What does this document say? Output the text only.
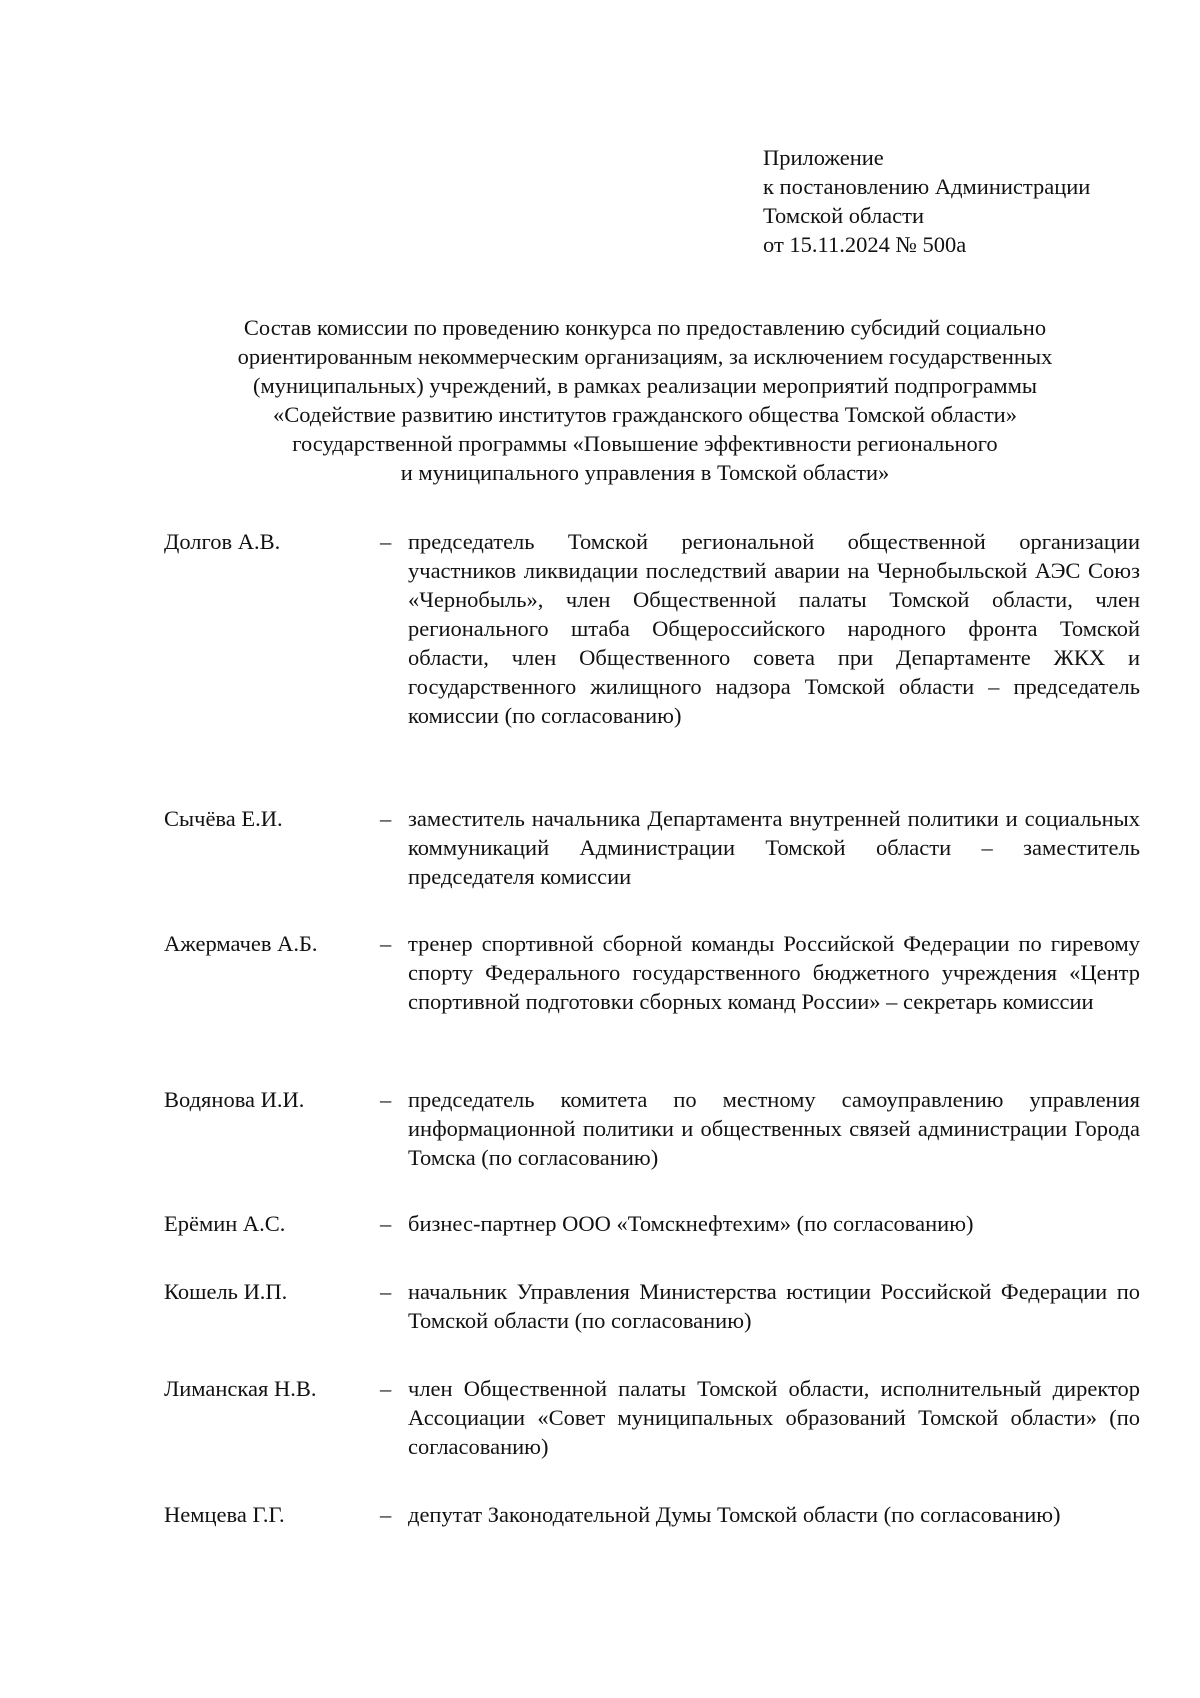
Приложение
к постановлению Администрации
Томской области
от 15.11.2024 № 500а
Состав комиссии по проведению конкурса по предоставлению субсидий социально
ориентированным некоммерческим организациям, за исключением государственных
(муниципальных) учреждений, в рамках реализации мероприятий подпрограммы
«Содействие развитию институтов гражданского общества Томской области»
государственной программы «Повышение эффективности регионального
и муниципального управления в Томской области»
Долгов А.В.	– председатель Томской региональной общественной организации участников ликвидации последствий аварии на Чернобыльской АЭС Союз «Чернобыль», член Общественной палаты Томской области, член регионального штаба Общероссийского народного фронта Томской области, член Общественного совета при Департаменте ЖКХ и государственного жилищного надзора Томской области – председатель комиссии (по согласованию)
Сычёва Е.И.	– заместитель начальника Департамента внутренней политики и социальных коммуникаций Администрации Томской области – заместитель председателя комиссии
Ажермачев А.Б.	– тренер спортивной сборной команды Российской Федерации по гиревому спорту Федерального государственного бюджетного учреждения «Центр спортивной подготовки сборных команд России» – секретарь комиссии
Водянова И.И.	– председатель комитета по местному самоуправлению управления информационной политики и общественных связей администрации Города Томска (по согласованию)
Ерёмин А.С.	– бизнес-партнер ООО «Томскнефтехим» (по согласованию)
Кошель И.П.	– начальник Управления Министерства юстиции Российской Федерации по Томской области (по согласованию)
Лиманская Н.В.	– член Общественной палаты Томской области, исполнительный директор Ассоциации «Совет муниципальных образований Томской области» (по согласованию)
Немцева Г.Г.	– депутат Законодательной Думы Томской области (по согласованию)
